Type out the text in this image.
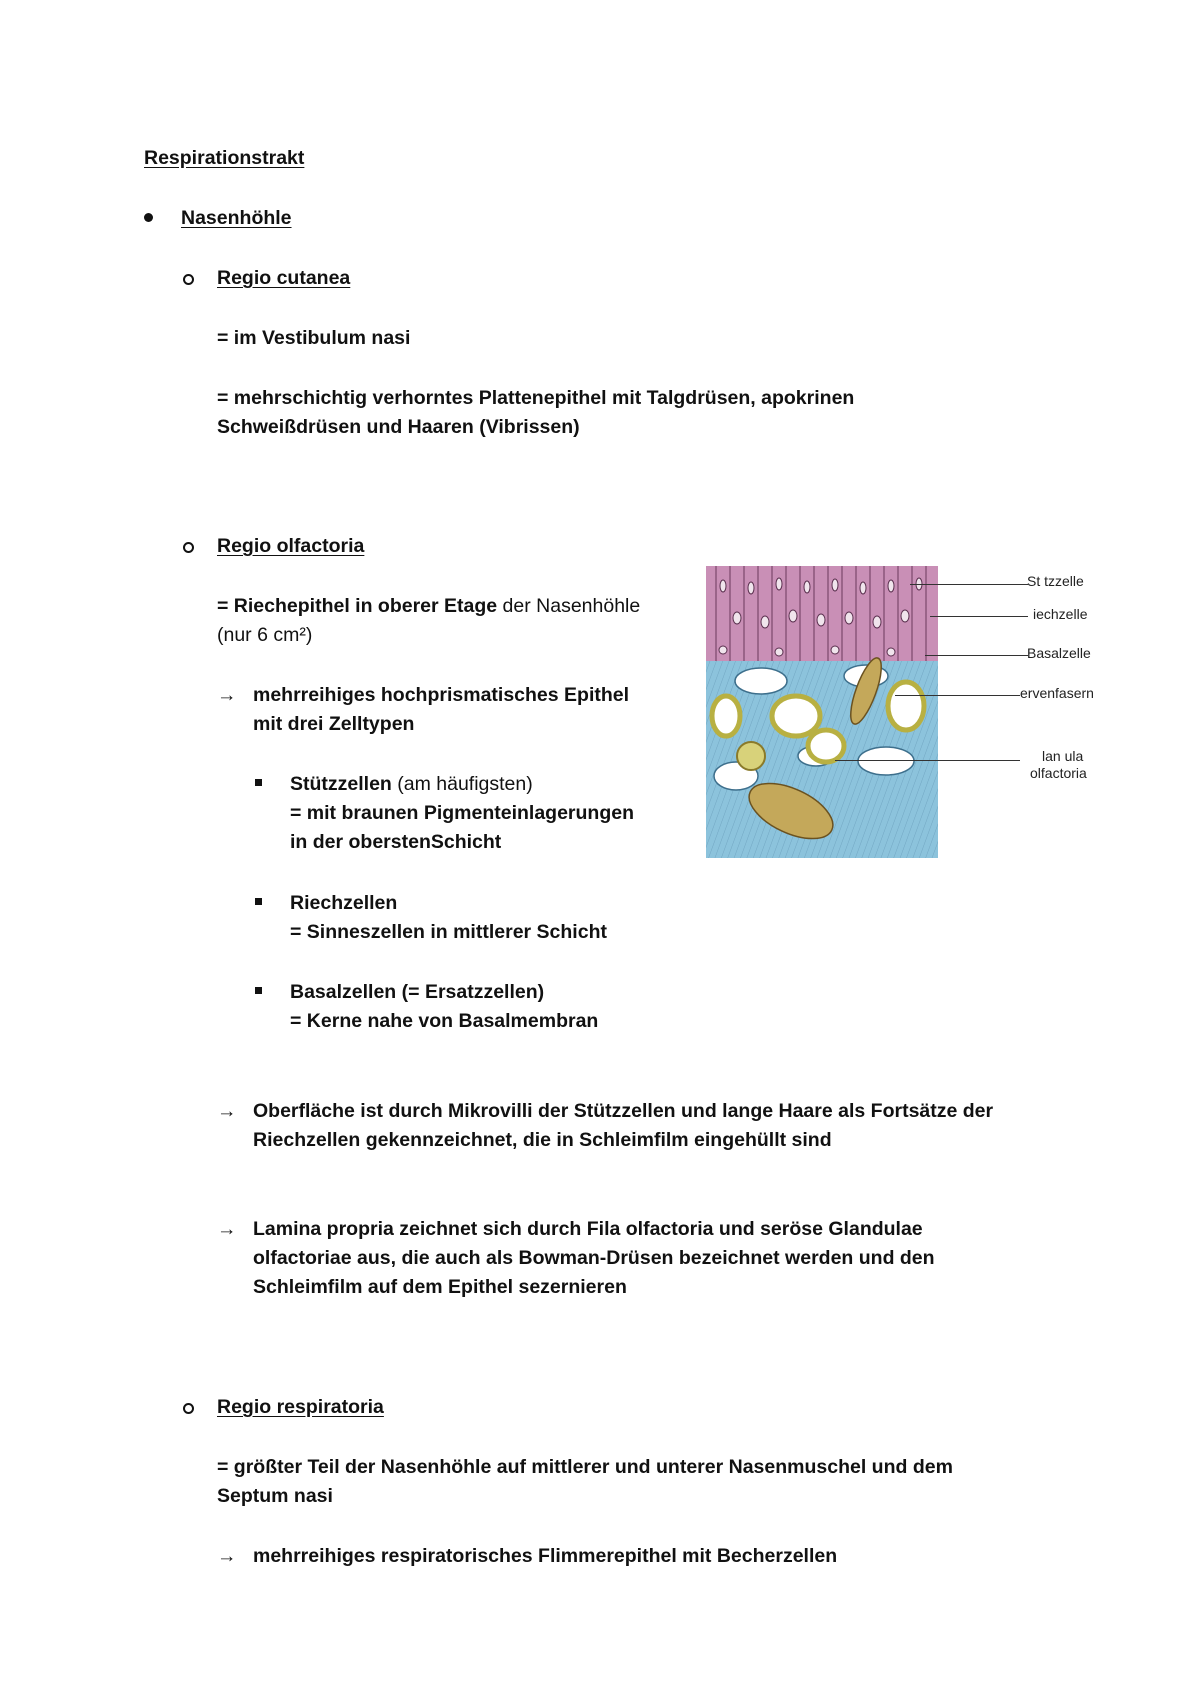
Respirationstrakt
Nasenhöhle
Regio cutanea
= im Vestibulum nasi
= mehrschichtig verhorntes Plattenepithel mit Talgdrüsen, apokrinen
Schweißdrüsen und Haaren (Vibrissen)
Regio olfactoria
= Riechepithel in oberer Etage der Nasenhöhle
(nur 6 cm²)
→ mehrreihiges hochprismatisches Epithel
mit drei Zelltypen
Stützzellen (am häufigsten)
= mit braunen Pigmenteinlagerungen
in der oberstenSchicht
Riechzellen
= Sinneszellen in mittlerer Schicht
Basalzellen (= Ersatzzellen)
= Kerne nahe von Basalmembran
→ Oberfläche ist durch Mikrovilli der Stützzellen und lange Haare als Fortsätze der
Riechzellen gekennzeichnet, die in Schleimfilm eingehüllt sind
→ Lamina propria zeichnet sich durch Fila olfactoria und seröse Glandulae
olfactoriae aus, die auch als Bowman-Drüsen bezeichnet werden und den
Schleimfilm auf dem Epithel sezernieren
Regio respiratoria
= größter Teil der Nasenhöhle auf mittlerer und unterer Nasenmuschel und dem
Septum nasi
→ mehrreihiges respiratorisches Flimmerepithel mit Becherzellen
St tzzelle
iechzelle
Basalzelle
ervenfasern
lan ula
olfactoria
